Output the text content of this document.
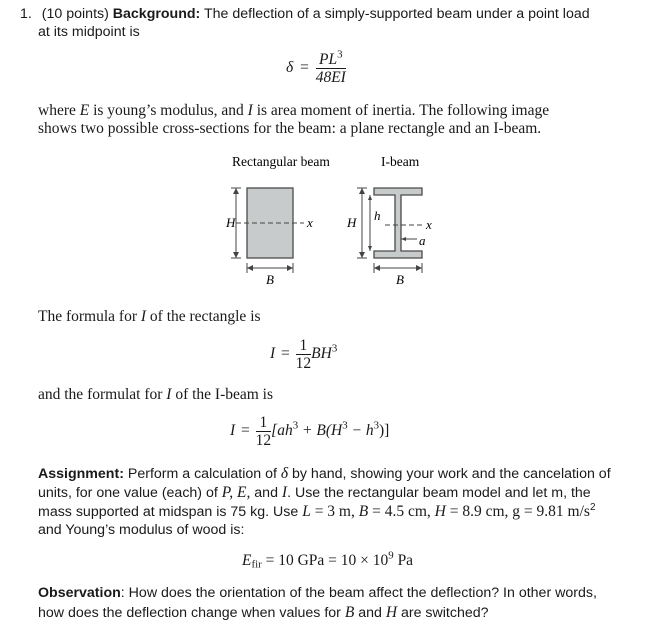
1. (10 points) Background: The deflection of a simply-supported beam under a point load
at its midpoint is
$\delta = \frac{PL^3}{48EI}$
where E is young’s modulus, and I is area moment of inertia. The following image
shows two possible cross-sections for the beam: a plane rectangle and an I-beam.
Rectangular beam	I-beam
H	x
B
H h
x
a
B
The formula for I of the rectangle is
$I = \frac{1}{12} BH^3$
and the formulat for I of the I-beam is
$I = \frac{1}{12} [ah^3 + B(H^3 - h^3)]$
Assignment: Perform a calculation of δ by hand, showing your work and the cancelation of
units, for one value (each) of P, E, and I. Use the rectangular beam model and let m, the
mass supported at midspan is 75 kg. Use L = 3 m, B = 4.5 cm, H = 8.9 cm, g = 9.81 $m/s^2$
and Young’s modulus of wood is:
$E_{fir} = 10$ GPa = $10 \times 10^9$ Pa
Observation: How does the orientation of the beam affect the deflection? In other words,
how does the deflection change when values for B and H are switched?
